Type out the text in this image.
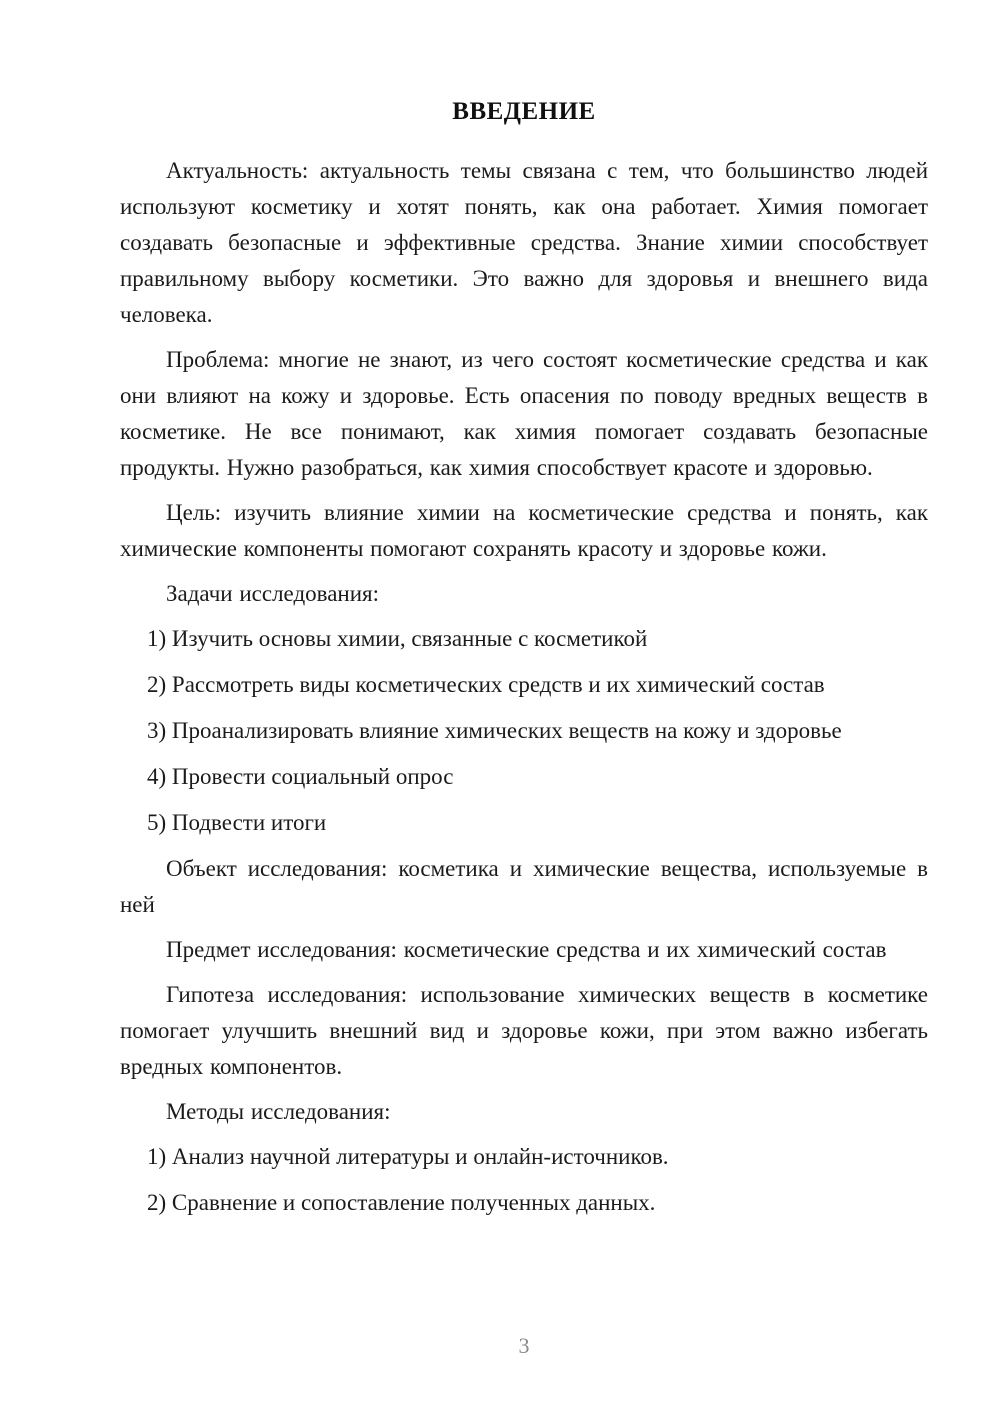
ВВЕДЕНИЕ

Актуальность: актуальность темы связана с тем, что большинство людей используют косметику и хотят понять, как она работает. Химия помогает создавать безопасные и эффективные средства. Знание химии способствует правильному выбору косметики. Это важно для здоровья и внешнего вида человека.

Проблема: многие не знают, из чего состоят косметические средства и как они влияют на кожу и здоровье. Есть опасения по поводу вредных веществ в косметике. Не все понимают, как химия помогает создавать безопасные продукты. Нужно разобраться, как химия способствует красоте и здоровью.

Цель: изучить влияние химии на косметические средства и понять, как химические компоненты помогают сохранять красоту и здоровье кожи.

Задачи исследования:

1) Изучить основы химии, связанные с косметикой
2) Рассмотреть виды косметических средств и их химический состав
3) Проанализировать влияние химических веществ на кожу и здоровье
4) Провести социальный опрос
5) Подвести итоги

Объект исследования: косметика и химические вещества, используемые в ней

Предмет исследования: косметические средства и их химический состав

Гипотеза исследования: использование химических веществ в косметике помогает улучшить внешний вид и здоровье кожи, при этом важно избегать вредных компонентов.

Методы исследования:

1) Анализ научной литературы и онлайн-источников.
2) Сравнение и сопоставление полученных данных.
3
